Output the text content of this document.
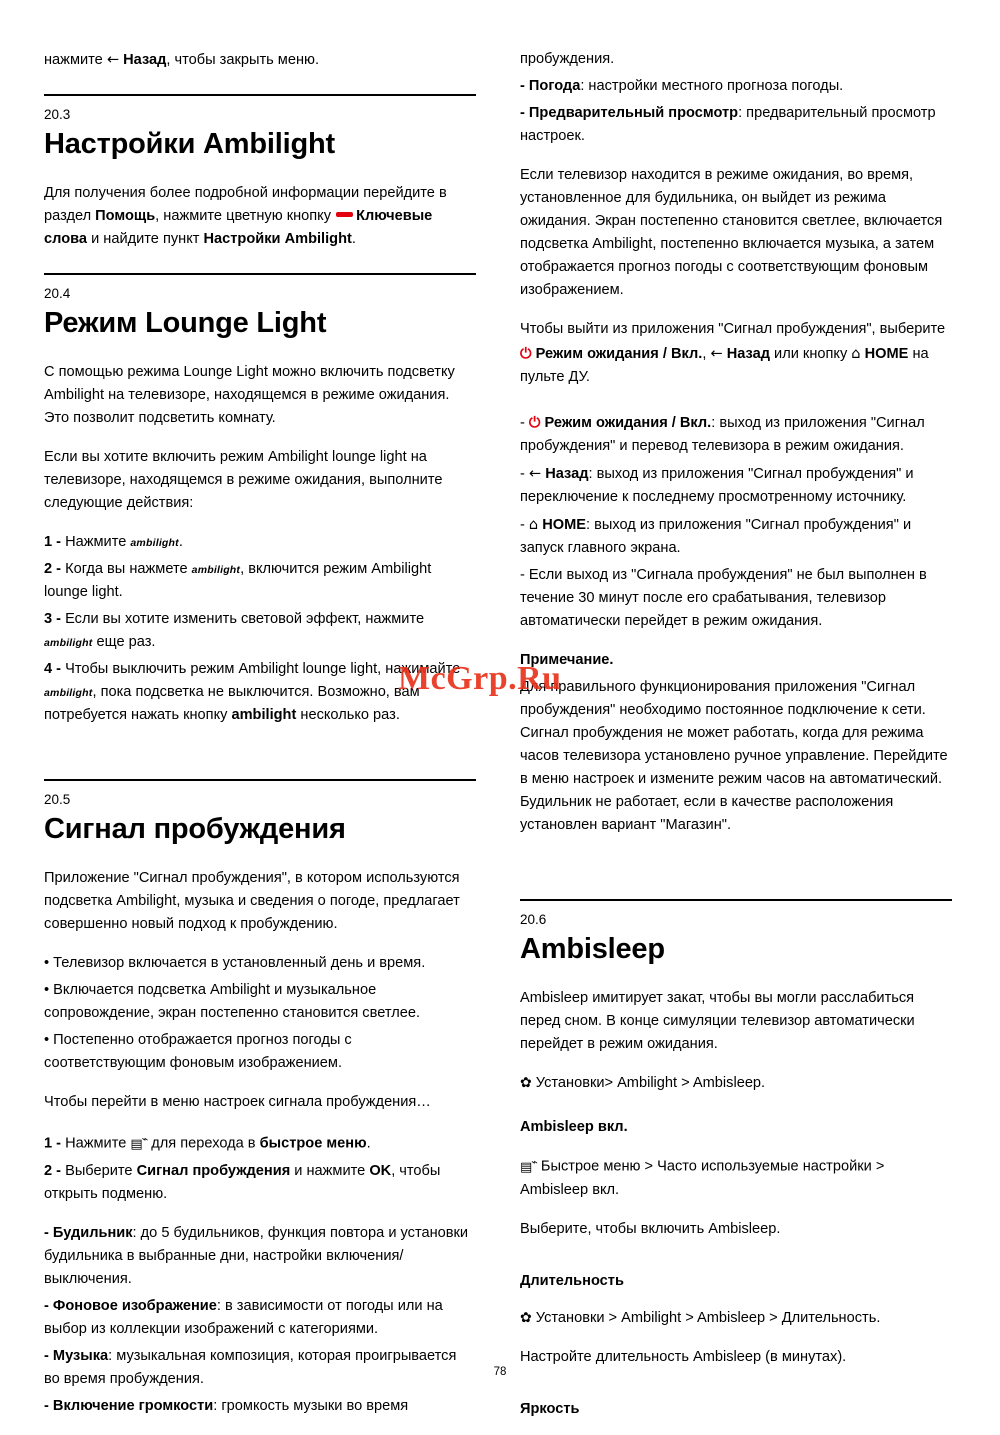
нажмите ← Назад, чтобы закрыть меню.

20.3

Настройки Ambilight

Для получения более подробной информации перейдите в раздел Помощь, нажмите цветную кнопку Ключевые слова и найдите пункт Настройки Ambilight.

20.4

Режим Lounge Light

С помощью режима Lounge Light можно включить подсветку Ambilight на телевизоре, находящемся в режиме ожидания. Это позволит подсветить комнату.

Если вы хотите включить режим Ambilight lounge light на телевизоре, находящемся в режиме ожидания, выполните следующие действия:

1 - Нажмите ambilight.

2 - Когда вы нажмете ambilight, включится режим Ambilight lounge light.

3 - Если вы хотите изменить световой эффект, нажмите ambilight еще раз.

4 - Чтобы выключить режим Ambilight lounge light, нажимайте ambilight, пока подсветка не выключится. Возможно, вам потребуется нажать кнопку ambilight несколько раз.

20.5

Сигнал пробуждения

Приложение "Сигнал пробуждения", в котором используются подсветка Ambilight, музыка и сведения о погоде, предлагает совершенно новый подход к пробуждению.

• Телевизор включается в установленный день и время.

• Включается подсветка Ambilight и музыкальное сопровождение, экран постепенно становится светлее.

• Постепенно отображается прогноз погоды с соответствующим фоновым изображением.

Чтобы перейти в меню настроек сигнала пробуждения…

1 - Нажмите ▤⌁ для перехода в быстрое меню.

2 - Выберите Сигнал пробуждения и нажмите OK, чтобы открыть подменю.

- Будильник: до 5 будильников, функция повтора и установки будильника в выбранные дни, настройки включения/выключения.

- Фоновое изображение: в зависимости от погоды или на выбор из коллекции изображений с категориями.

- Музыка: музыкальная композиция, которая проигрывается во время пробуждения.

- Включение громкости: громкость музыки во время

пробуждения.

- Погода: настройки местного прогноза погоды.

- Предварительный просмотр: предварительный просмотр настроек.

Если телевизор находится в режиме ожидания, во время, установленное для будильника, он выйдет из режима ожидания. Экран постепенно становится светлее, включается подсветка Ambilight, постепенно включается музыка, а затем отображается прогноз погоды с соответствующим фоновым изображением.

Чтобы выйти из приложения "Сигнал пробуждения", выберите ⏻ Режим ожидания / Вкл., ← Назад или кнопку ⌂ HOME на пульте ДУ.

- ⏻ Режим ожидания / Вкл.: выход из приложения "Сигнал пробуждения" и перевод телевизора в режим ожидания.

- ← Назад: выход из приложения "Сигнал пробуждения" и переключение к последнему просмотренному источнику.

- ⌂ HOME: выход из приложения "Сигнал пробуждения" и запуск главного экрана.

- Если выход из "Сигнала пробуждения" не был выполнен в течение 30 минут после его срабатывания, телевизор автоматически перейдет в режим ожидания.

Примечание.

Для правильного функционирования приложения "Сигнал пробуждения" необходимо постоянное подключение к сети. Сигнал пробуждения не может работать, когда для режима часов телевизора установлено ручное управление. Перейдите в меню настроек и измените режим часов на автоматический. Будильник не работает, если в качестве расположения установлен вариант "Магазин".

20.6

Ambisleep

Ambisleep имитирует закат, чтобы вы могли расслабиться перед сном. В конце симуляции телевизор автоматически перейдет в режим ожидания.

✿ Установки> Ambilight > Ambisleep.

Ambisleep вкл.

▤⌁ Быстрое меню > Часто используемые настройки > Ambisleep вкл.

Выберите, чтобы включить Ambisleep.

Длительность

✿ Установки > Ambilight > Ambisleep > Длительность.

Настройте длительность Ambisleep (в минутах).

Яркость

McGrp.Ru
78
